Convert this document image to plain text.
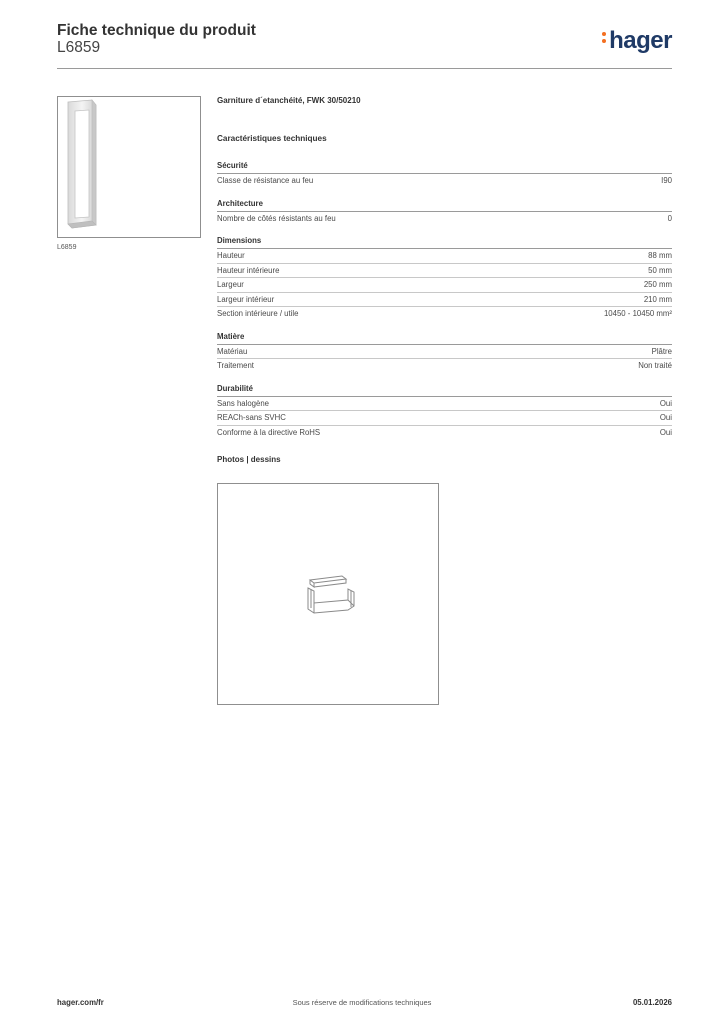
Fiche technique du produit
L6859	hager
L6859
Garniture d´etanchéité, FWK 30/50210
Caractéristiques techniques
Sécurité
Classe de résistance au feu	I90
Architecture
Nombre de côtés résistants au feu	0
Dimensions
Hauteur	88 mm
Hauteur intérieure	50 mm
Largeur	250 mm
Largeur intérieur	210 mm
Section intérieure / utile	10450 - 10450 mm²
Matière
Matériau	Plâtre
Traitement	Non traité
Durabilité
Sans halogène	Oui
REACh-sans SVHC	Oui
Conforme à la directive RoHS	Oui
Photos | dessins
hager.com/fr	Sous réserve de modifications techniques	05.01.2026
